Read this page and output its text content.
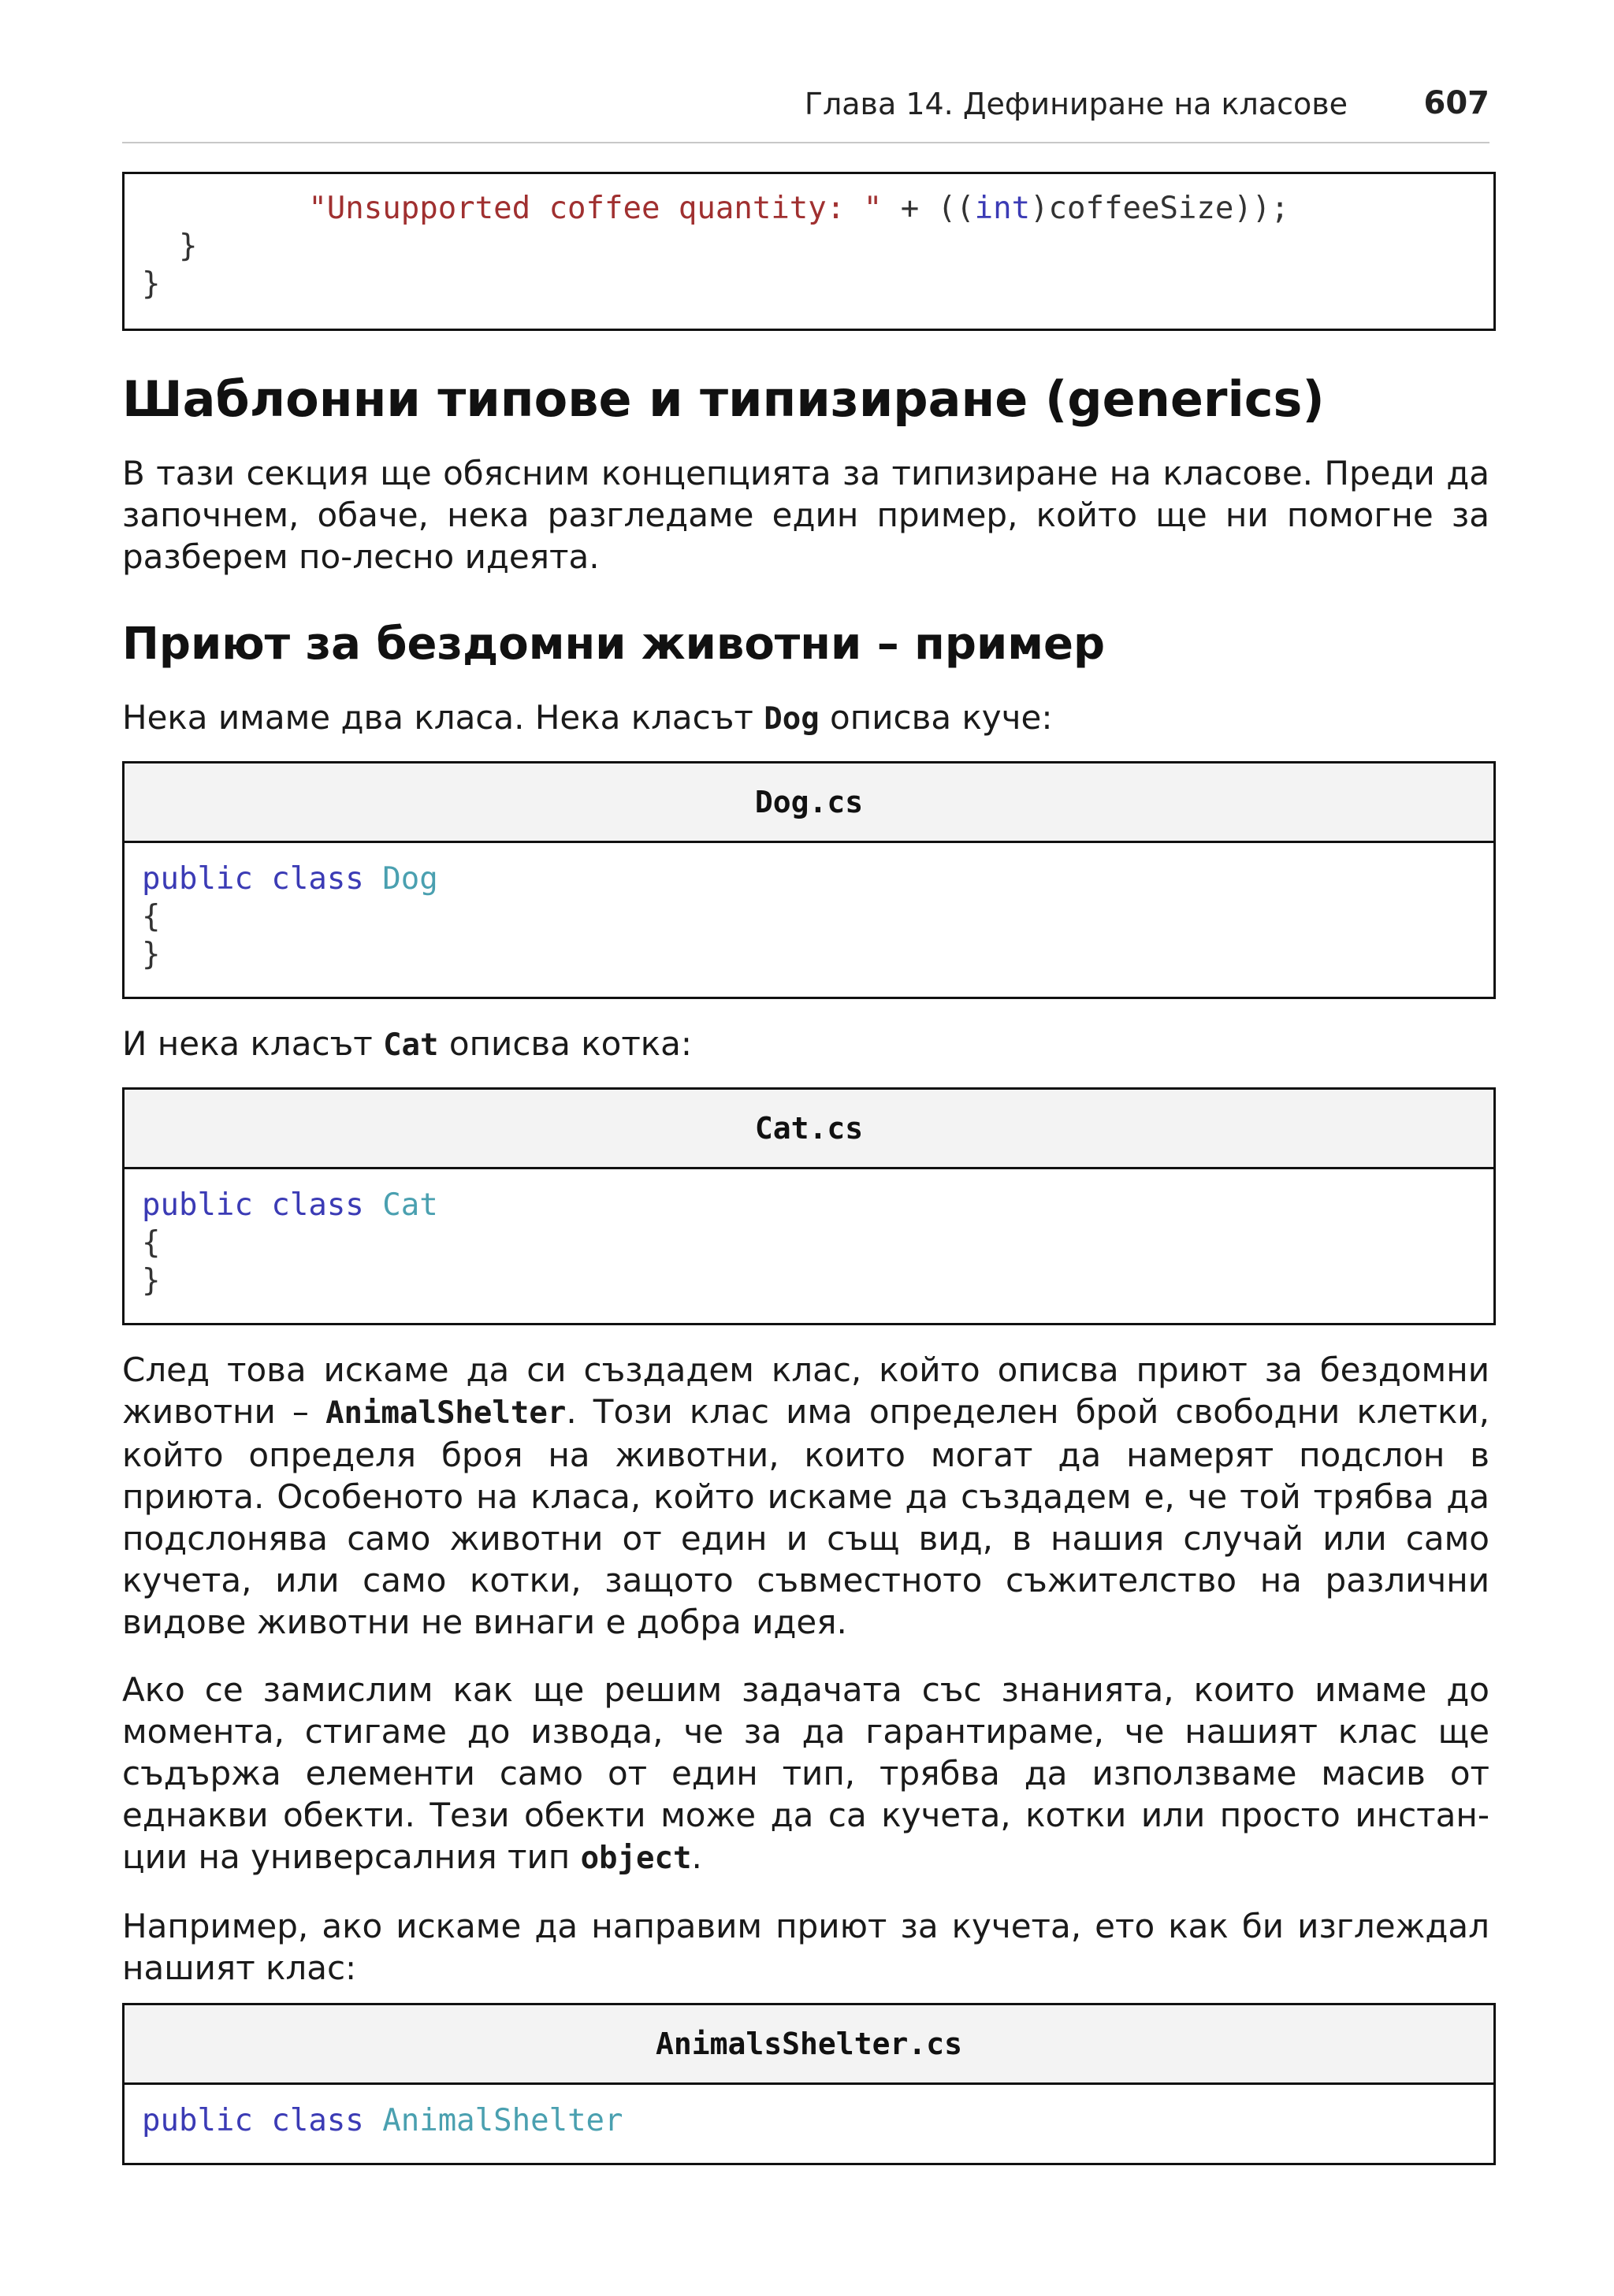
Глава 14. Дефиниране на класове 607
"Unsupported coffee quantity: " + ((int)coffeeSize));
}
}
Шаблонни типове и типизиране (generics)

В тази секция ще обясним концепцията за типизиране на класове. Преди да започнем, обаче, нека разгледаме един пример, който ще ни помогне за разберем по-лесно идеята.

Приют за бездомни животни – пример

Нека имаме два класа. Нека класът Dog описва куче:

Dog.cs
public class Dog
{
}

И нека класът Cat описва котка:

Cat.cs
public class Cat
{
}

След това искаме да си създадем клас, който описва приют за бездомни животни – AnimalShelter. Този клас има определен брой свободни клетки, който определя броя на животни, които могат да намерят подслон в приюта. Особеното на класа, който искаме да създадем е, че той трябва да подслонява само животни от един и същ вид, в нашия случай или само кучета, или само котки, защото съвместното съжителство на различни видове животни не винаги е добра идея.

Ако се замислим как ще решим задачата със знанията, които имаме до момента, стигаме до извода, че за да гарантираме, че нашият клас ще съдържа елементи само от един тип, трябва да използваме масив от еднакви обекти. Тези обекти може да са кучета, котки или просто инстан-ции на универсалния тип object.

Например, ако искаме да направим приют за кучета, ето как би изглеждал нашият клас:

AnimalsShelter.cs
public class AnimalShelter
